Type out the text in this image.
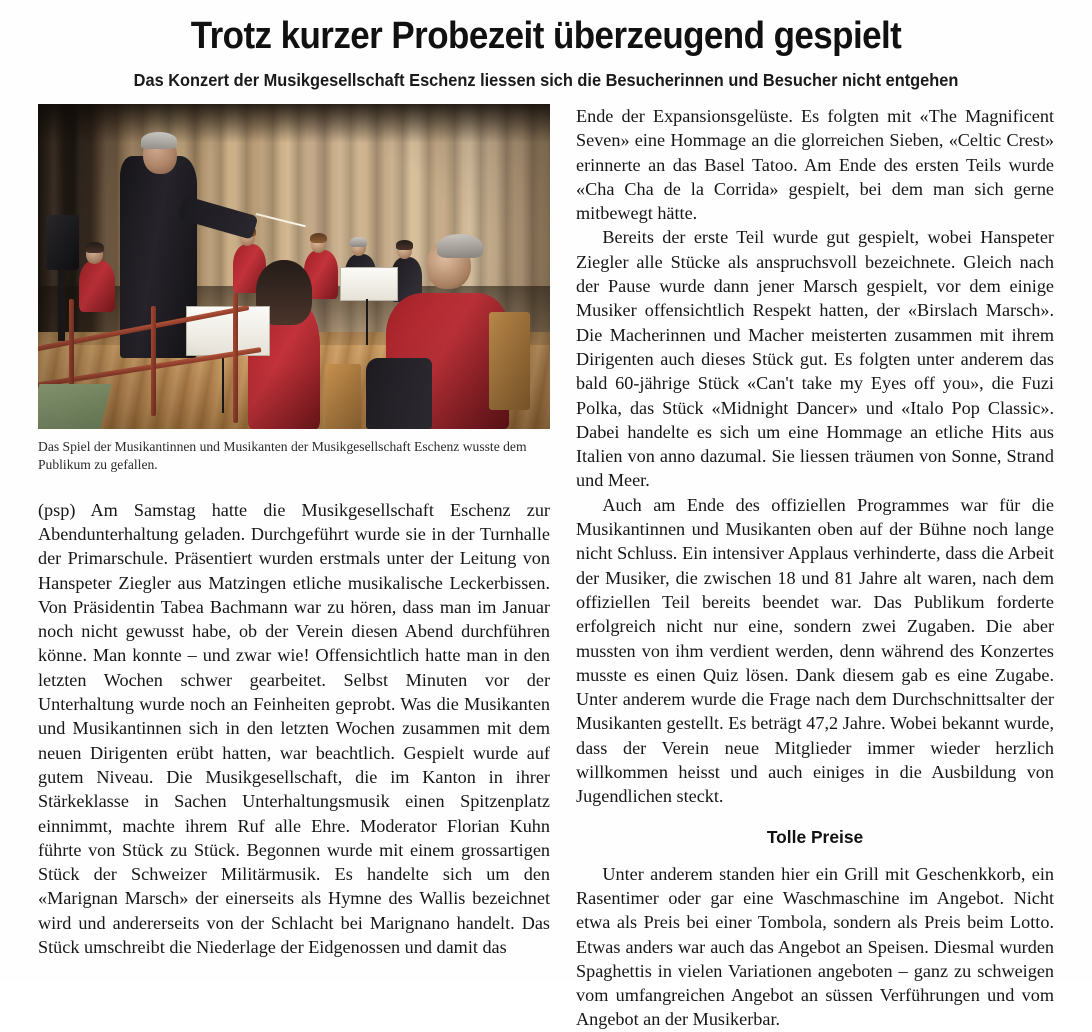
Trotz kurzer Probezeit überzeugend gespielt
Das Konzert der Musikgesellschaft Eschenz liessen sich die Besucherinnen und Besucher nicht entgehen
Das Spiel der Musikantinnen und Musikanten der Musikgesellschaft Eschenz wusste dem Publikum zu gefallen.

(psp) Am Samstag hatte die Musikgesellschaft Eschenz zur Abendunterhaltung geladen. Durchgeführt wurde sie in der Turnhalle der Primarschule. Präsentiert wurden erstmals unter der Leitung von Hanspeter Ziegler aus Matzingen etliche musikalische Leckerbissen. Von Präsidentin Tabea Bachmann war zu hören, dass man im Januar noch nicht gewusst habe, ob der Verein diesen Abend durchführen könne. Man konnte – und zwar wie! Offensichtlich hatte man in den letzten Wochen schwer gearbeitet. Selbst Minuten vor der Unterhaltung wurde noch an Feinheiten geprobt. Was die Musikanten und Musikantinnen sich in den letzten Wochen zusammen mit dem neuen Dirigenten erübt hatten, war beachtlich. Gespielt wurde auf gutem Niveau. Die Musikgesellschaft, die im Kanton in ihrer Stärkeklasse in Sachen Unterhaltungsmusik einen Spitzenplatz einnimmt, machte ihrem Ruf alle Ehre. Moderator Florian Kuhn führte von Stück zu Stück. Begonnen wurde mit einem grossartigen Stück der Schweizer Militärmusik. Es handelte sich um den «Marignan Marsch» der einerseits als Hymne des Wallis bezeichnet wird und andererseits von der Schlacht bei Marignano handelt. Das Stück umschreibt die Niederlage der Eidgenossen und damit das

Ende der Expansionsgelüste. Es folgten mit «The Magnificent Seven» eine Hommage an die glorreichen Sieben, «Celtic Crest» erinnerte an das Basel Tatoo. Am Ende des ersten Teils wurde «Cha Cha de la Corrida» gespielt, bei dem man sich gerne mitbewegt hätte.

Bereits der erste Teil wurde gut gespielt, wobei Hanspeter Ziegler alle Stücke als anspruchsvoll bezeichnete. Gleich nach der Pause wurde dann jener Marsch gespielt, vor dem einige Musiker offensichtlich Respekt hatten, der «Birslach Marsch». Die Macherinnen und Macher meisterten zusammen mit ihrem Dirigenten auch dieses Stück gut. Es folgten unter anderem das bald 60-jährige Stück «Can't take my Eyes off you», die Fuzi Polka, das Stück «Midnight Dancer» und «Italo Pop Classic». Dabei handelte es sich um eine Hommage an etliche Hits aus Italien von anno dazumal. Sie liessen träumen von Sonne, Strand und Meer.

Auch am Ende des offiziellen Programmes war für die Musikantinnen und Musikanten oben auf der Bühne noch lange nicht Schluss. Ein intensiver Applaus verhinderte, dass die Arbeit der Musiker, die zwischen 18 und 81 Jahre alt waren, nach dem offiziellen Teil bereits beendet war. Das Publikum forderte erfolgreich nicht nur eine, sondern zwei Zugaben. Die aber mussten von ihm verdient werden, denn während des Konzertes musste es einen Quiz lösen. Dank diesem gab es eine Zugabe. Unter anderem wurde die Frage nach dem Durchschnittsalter der Musikanten gestellt. Es beträgt 47,2 Jahre. Wobei bekannt wurde, dass der Verein neue Mitglieder immer wieder herzlich willkommen heisst und auch einiges in die Ausbildung von Jugendlichen steckt.

Tolle Preise

Unter anderem standen hier ein Grill mit Geschenkkorb, ein Rasentimer oder gar eine Waschmaschine im Angebot. Nicht etwa als Preis bei einer Tombola, sondern als Preis beim Lotto. Etwas anders war auch das Angebot an Speisen. Diesmal wurden Spaghettis in vielen Variationen angeboten – ganz zu schweigen vom umfangreichen Angebot an süssen Verführungen und vom Angebot an der Musikerbar.
